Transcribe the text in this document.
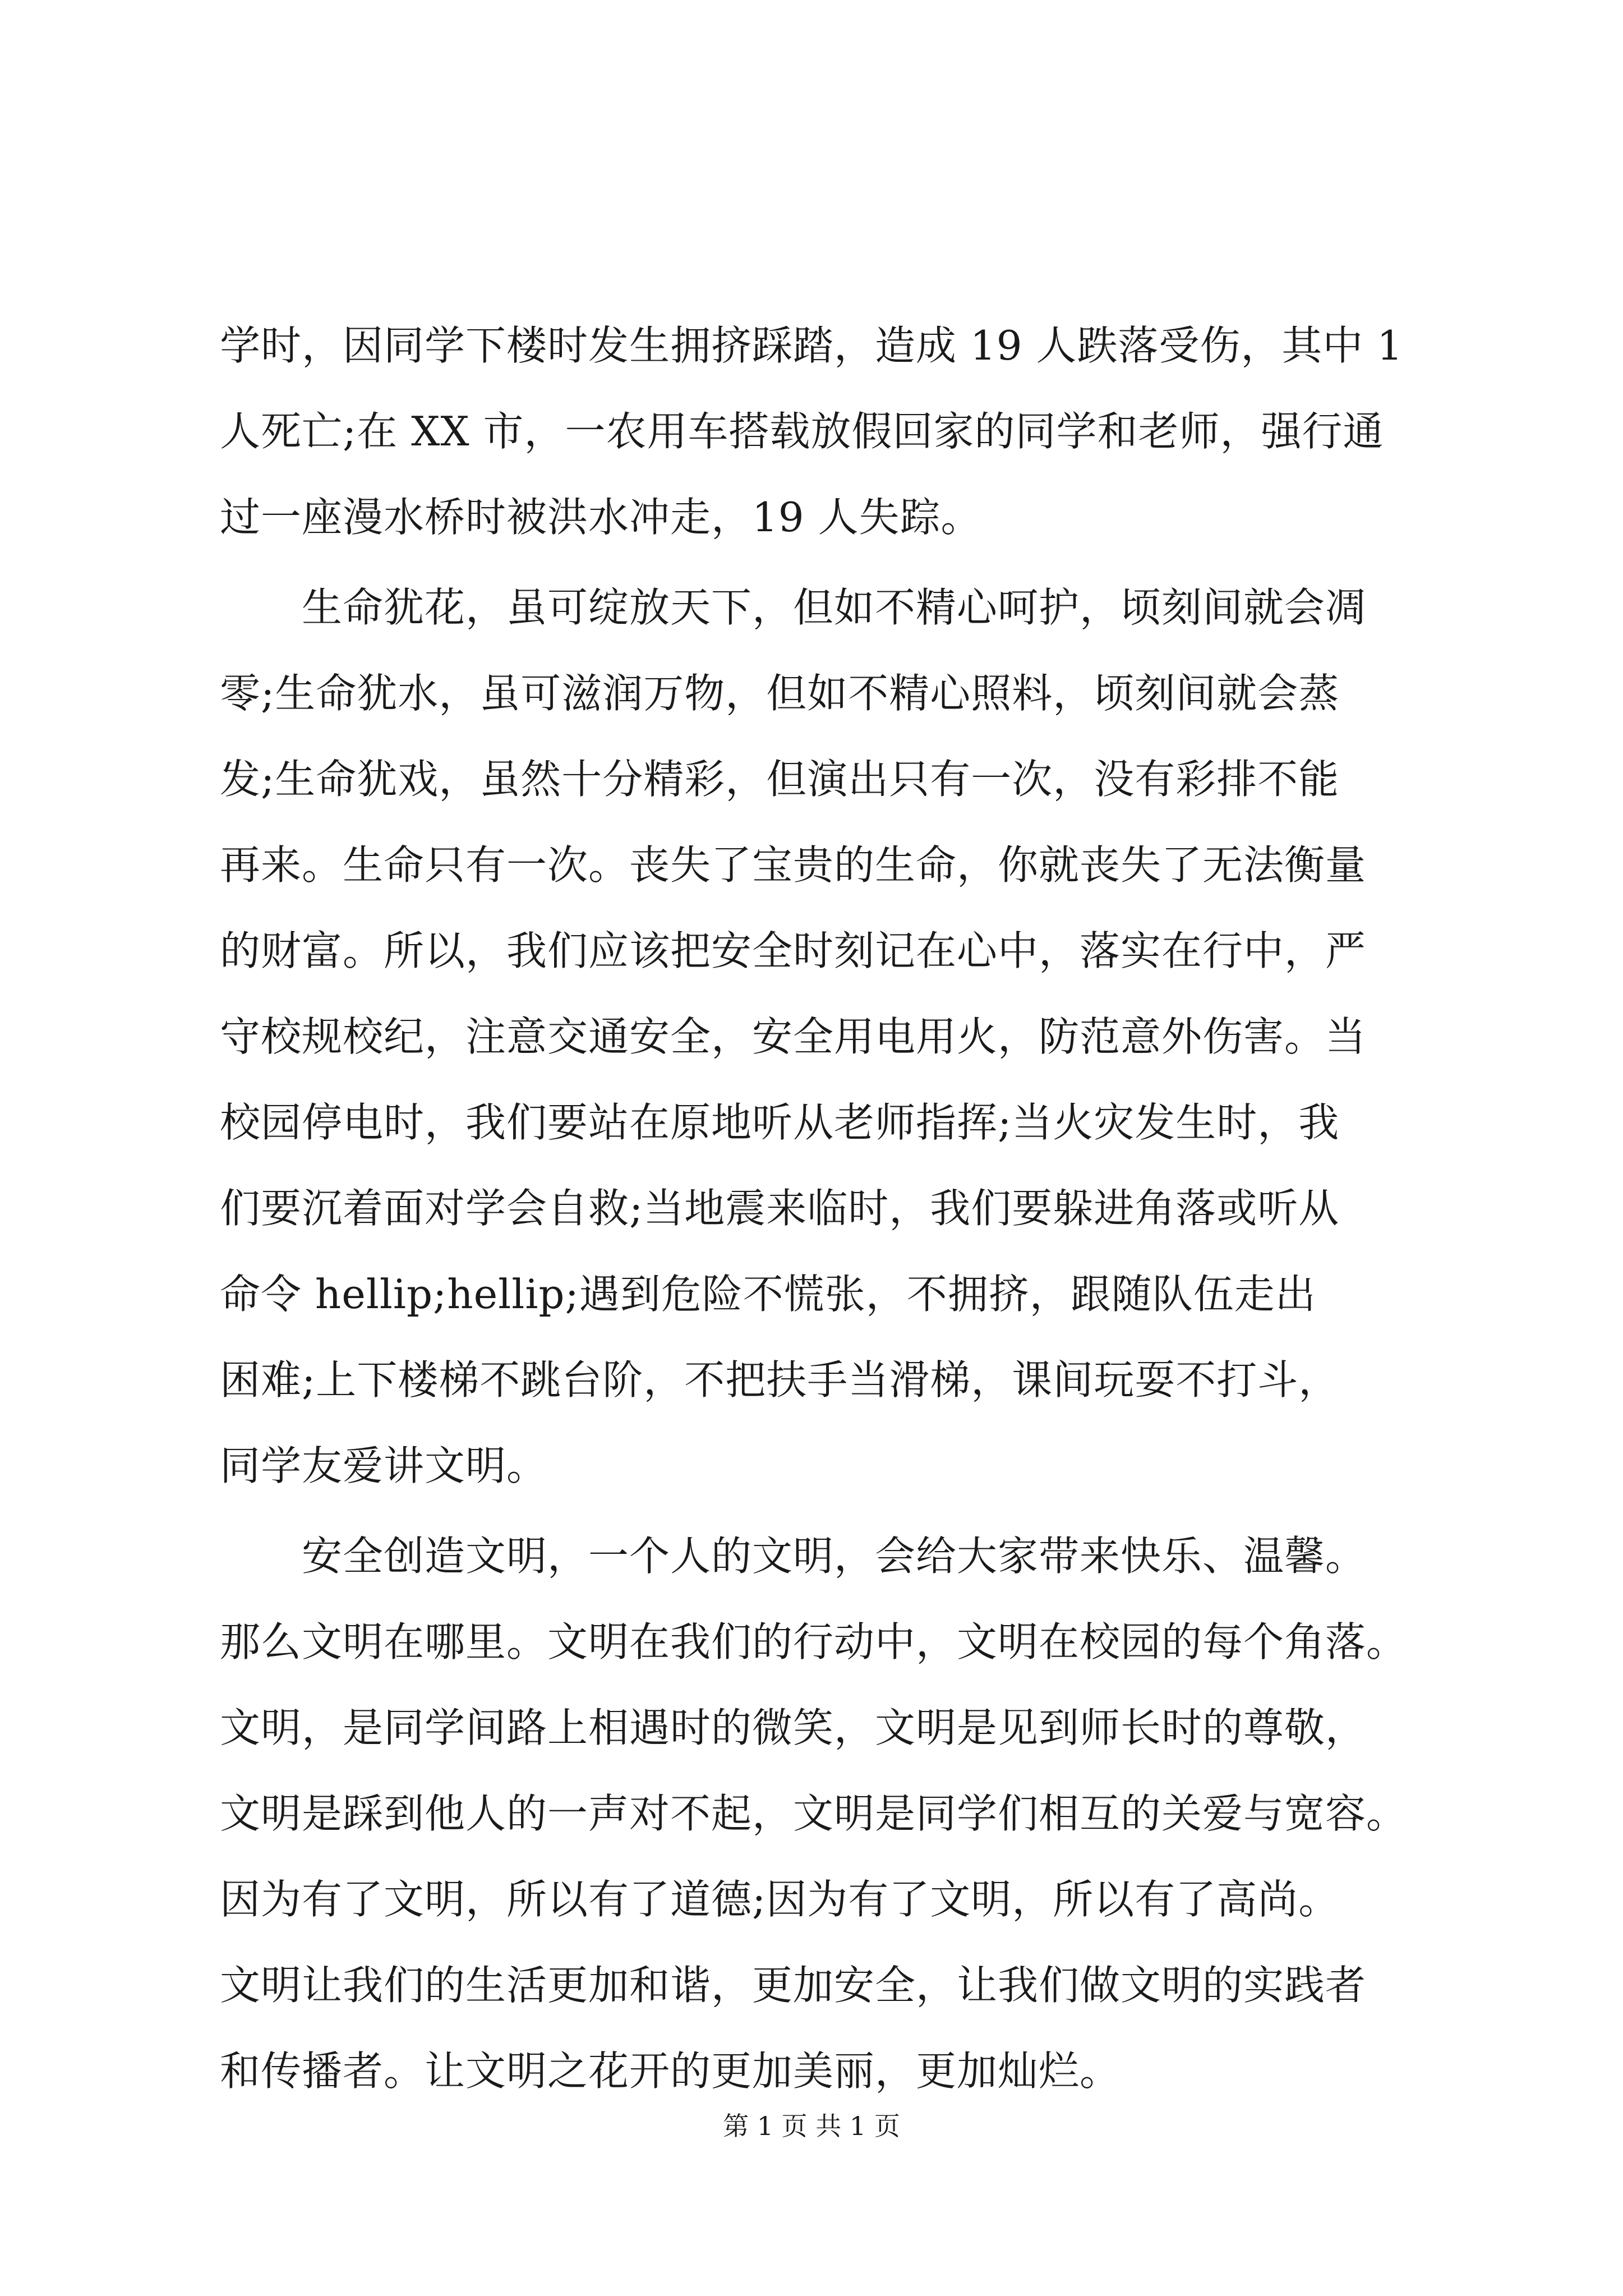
学时，因同学下楼时发生拥挤踩踏，造成 19 人跌落受伤，其中 1
人死亡;在 XX 市，一农用车搭载放假回家的同学和老师，强行通
过一座漫水桥时被洪水冲走，19 人失踪。
生命犹花，虽可绽放天下，但如不精心呵护，顷刻间就会凋
零;生命犹水，虽可滋润万物，但如不精心照料，顷刻间就会蒸
发;生命犹戏，虽然十分精彩，但演出只有一次，没有彩排不能
再来。生命只有一次。丧失了宝贵的生命，你就丧失了无法衡量
的财富。所以，我们应该把安全时刻记在心中，落实在行中，严
守校规校纪，注意交通安全，安全用电用火，防范意外伤害。当
校园停电时，我们要站在原地听从老师指挥;当火灾发生时，我
们要沉着面对学会自救;当地震来临时，我们要躲进角落或听从
命令 hellip;hellip;遇到危险不慌张，不拥挤，跟随队伍走出
困难;上下楼梯不跳台阶，不把扶手当滑梯，课间玩耍不打斗，
同学友爱讲文明。
安全创造文明，一个人的文明，会给大家带来快乐、温馨。
那么文明在哪里。文明在我们的行动中，文明在校园的每个角落。
文明，是同学间路上相遇时的微笑，文明是见到师长时的尊敬，
文明是踩到他人的一声对不起，文明是同学们相互的关爱与宽容。
因为有了文明，所以有了道德;因为有了文明，所以有了高尚。
文明让我们的生活更加和谐，更加安全，让我们做文明的实践者
和传播者。让文明之花开的更加美丽，更加灿烂。
第 1 页 共 1 页
